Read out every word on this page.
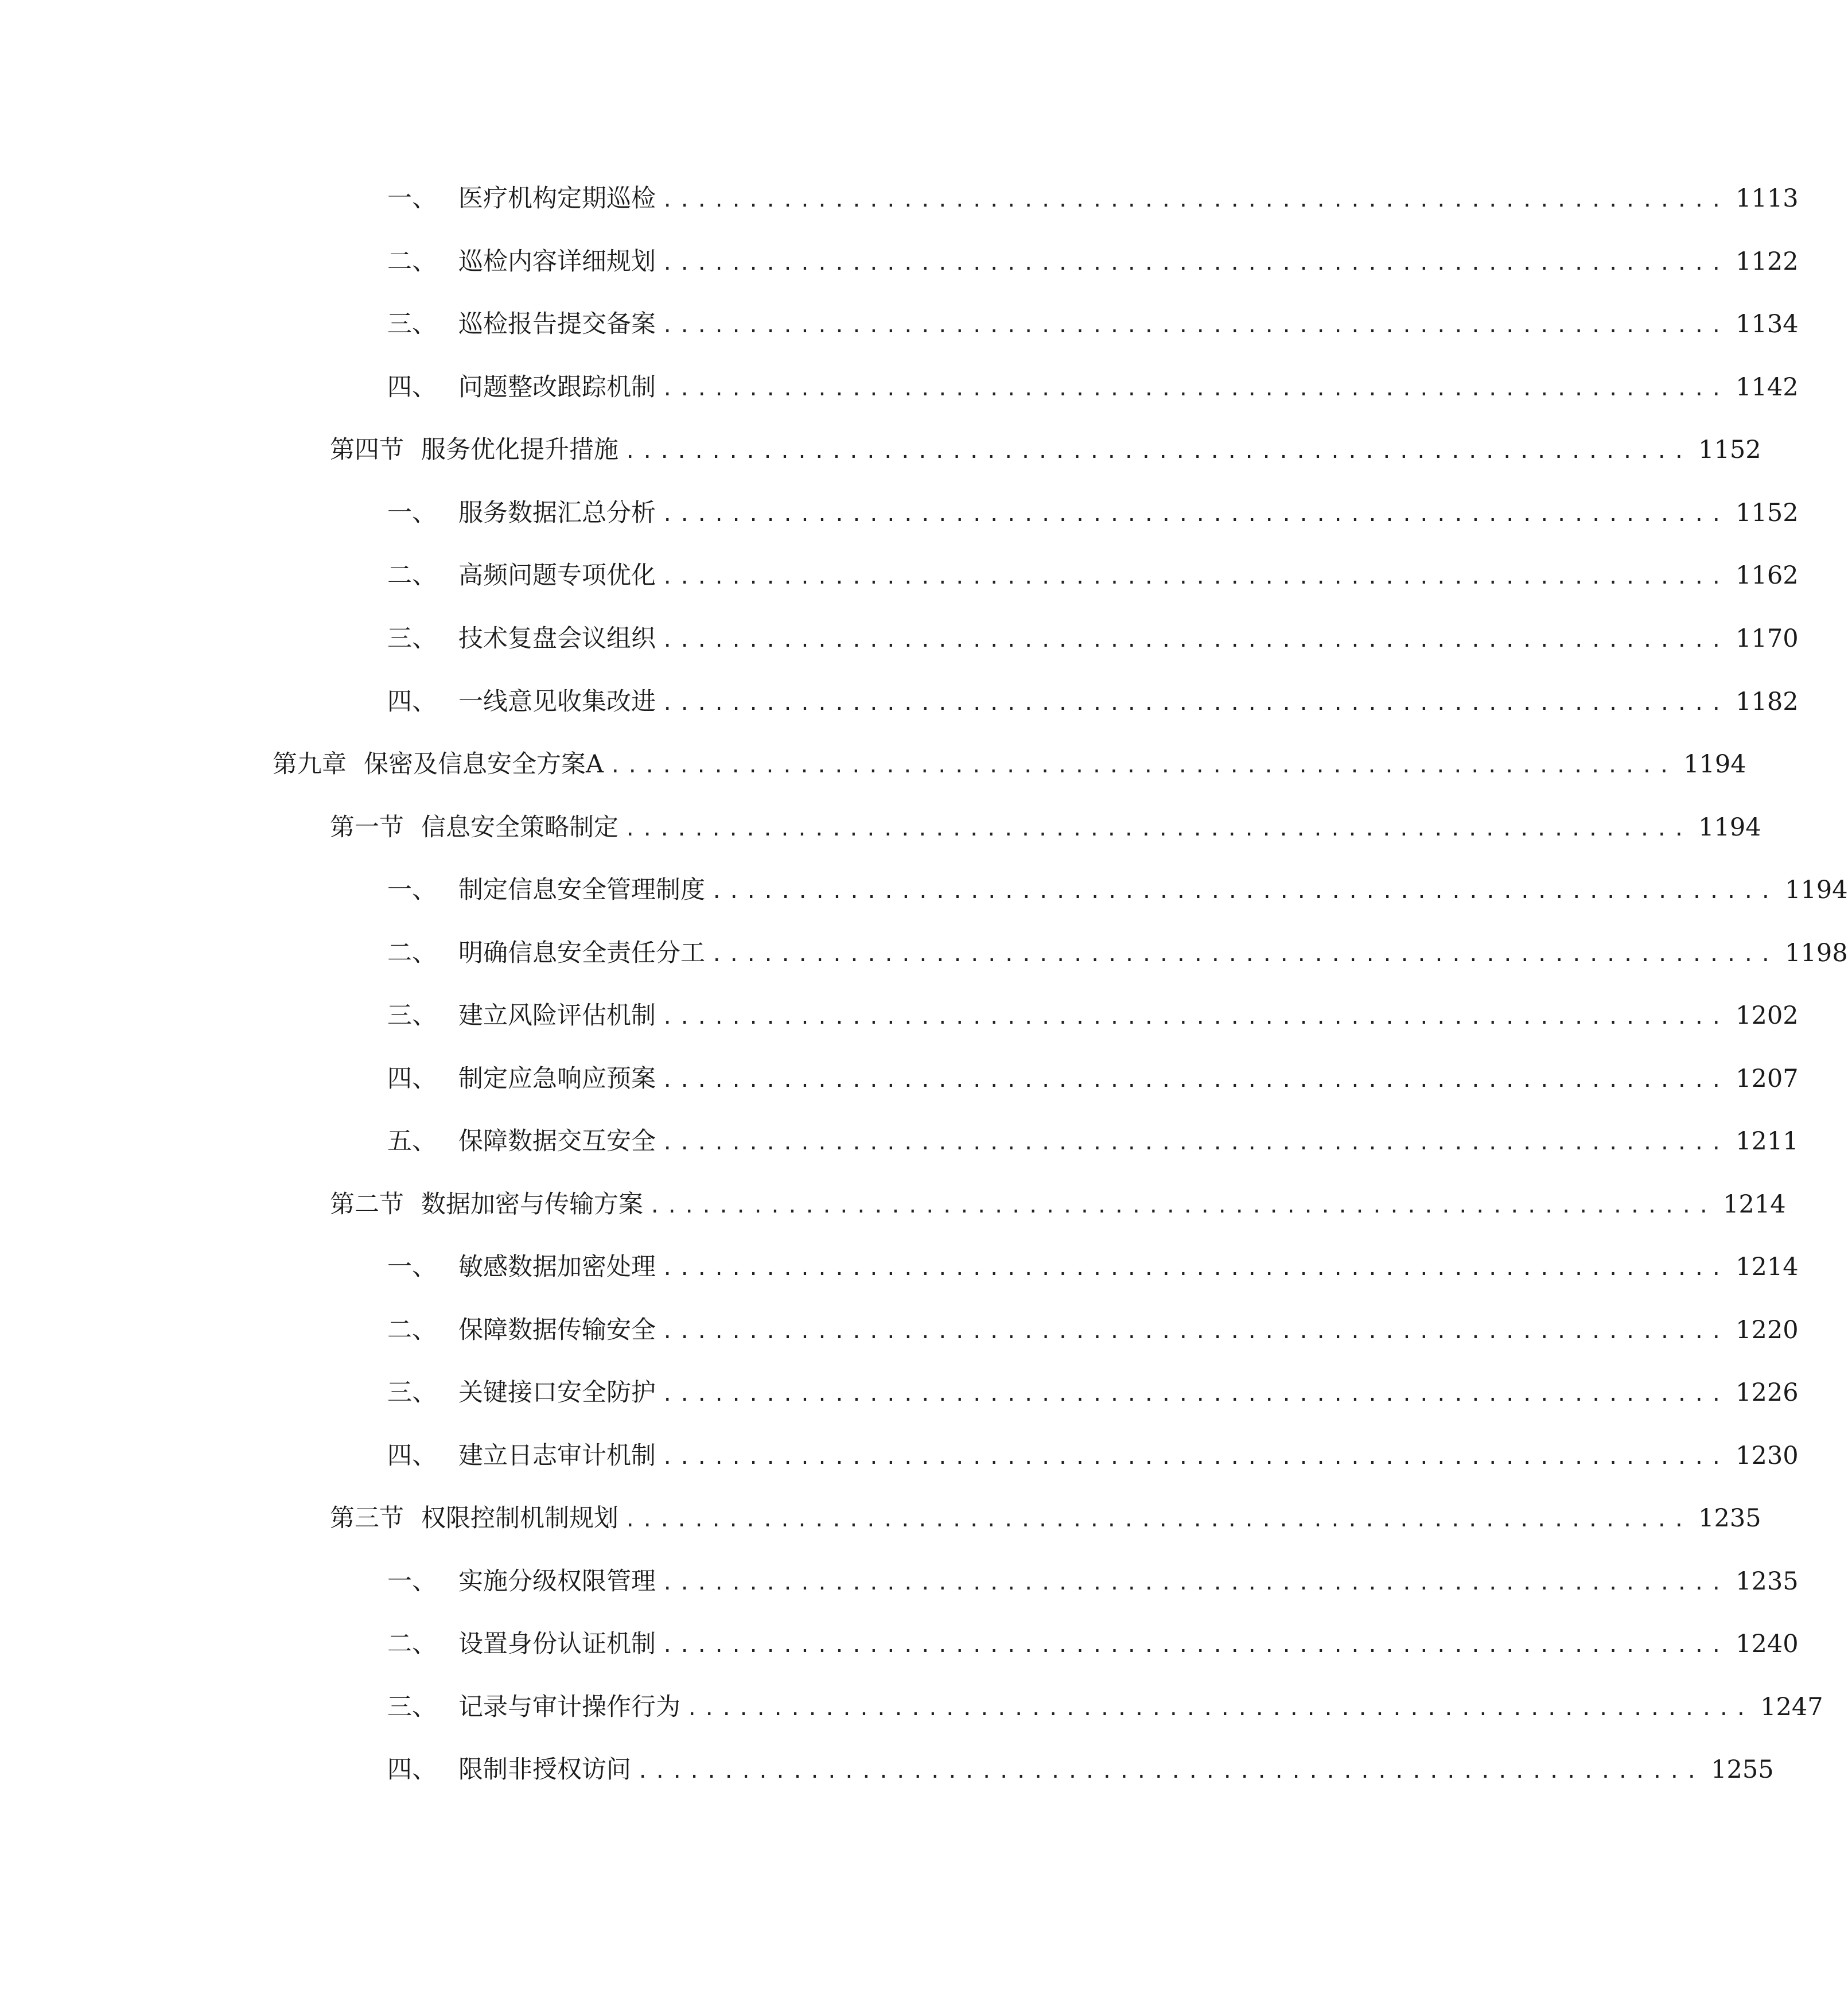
一、 医疗机构定期巡检 .............................................................. 1113
二、 巡检内容详细规划 .............................................................. 1122
三、 巡检报告提交备案 .............................................................. 1134
四、 问题整改跟踪机制 .............................................................. 1142
第四节 服务优化提升措施 .............................................................. 1152
一、 服务数据汇总分析 .............................................................. 1152
二、 高频问题专项优化 .............................................................. 1162
三、 技术复盘会议组织 .............................................................. 1170
四、 一线意见收集改进 .............................................................. 1182
第九章 保密及信息安全方案A .............................................................. 1194
第一节 信息安全策略制定 .............................................................. 1194
一、 制定信息安全管理制度 .............................................................. 1194
二、 明确信息安全责任分工 .............................................................. 1198
三、 建立风险评估机制 .............................................................. 1202
四、 制定应急响应预案 .............................................................. 1207
五、 保障数据交互安全 .............................................................. 1211
第二节 数据加密与传输方案 .............................................................. 1214
一、 敏感数据加密处理 .............................................................. 1214
二、 保障数据传输安全 .............................................................. 1220
三、 关键接口安全防护 .............................................................. 1226
四、 建立日志审计机制 .............................................................. 1230
第三节 权限控制机制规划 .............................................................. 1235
一、 实施分级权限管理 .............................................................. 1235
二、 设置身份认证机制 .............................................................. 1240
三、 记录与审计操作行为 .............................................................. 1247
四、 限制非授权访问 .............................................................. 1255
